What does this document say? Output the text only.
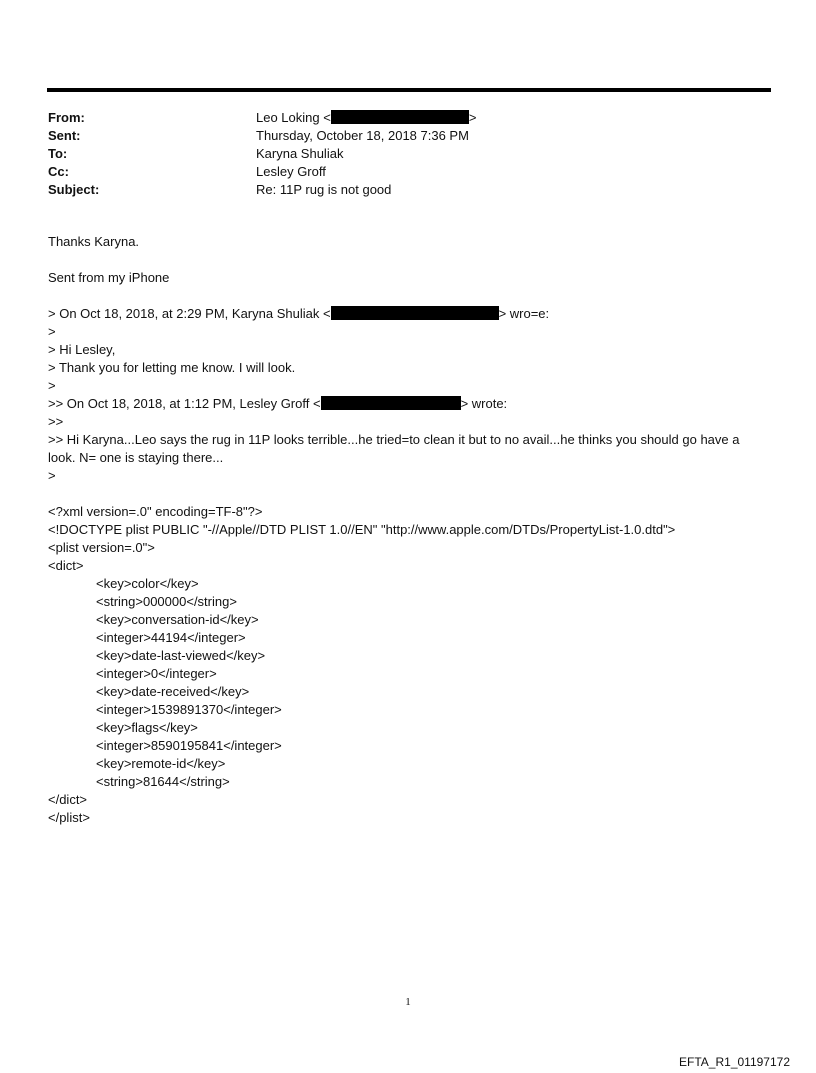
From:	Leo Loking <	>
Sent:	Thursday, October 18, 2018 7:36 PM
To:	Karyna Shuliak
Cc:	Lesley Groff
Subject:	Re: 11P rug is not good
Thanks Karyna.
Sent from my iPhone
> On Oct 18, 2018, at 2:29 PM, Karyna Shuliak <	> wro=e:
>
> Hi Lesley,
> Thank you for letting me know. I will look.
>
>> On Oct 18, 2018, at 1:12 PM, Lesley Groff <	> wrote:
>>
>> Hi Karyna...Leo says the rug in 11P looks terrible...he tried=to clean it but to no avail...he thinks you should go have a look. N= one is staying there...
>
<?xml version=.0" encoding=TF-8"?>
<!DOCTYPE plist PUBLIC "-//Apple//DTD PLIST 1.0//EN" "http://www.apple.com/DTDs/PropertyList-1.0.dtd">
<plist version=.0">
<dict>
<key>color</key>
<string>000000</string>
<key>conversation-id</key>
<integer>44194</integer>
<key>date-last-viewed</key>
<integer>0</integer>
<key>date-received</key>
<integer>1539891370</integer>
<key>flags</key>
<integer>8590195841</integer>
<key>remote-id</key>
<string>81644</string>
</dict>
</plist>
1
EFTA_R1_01197172
